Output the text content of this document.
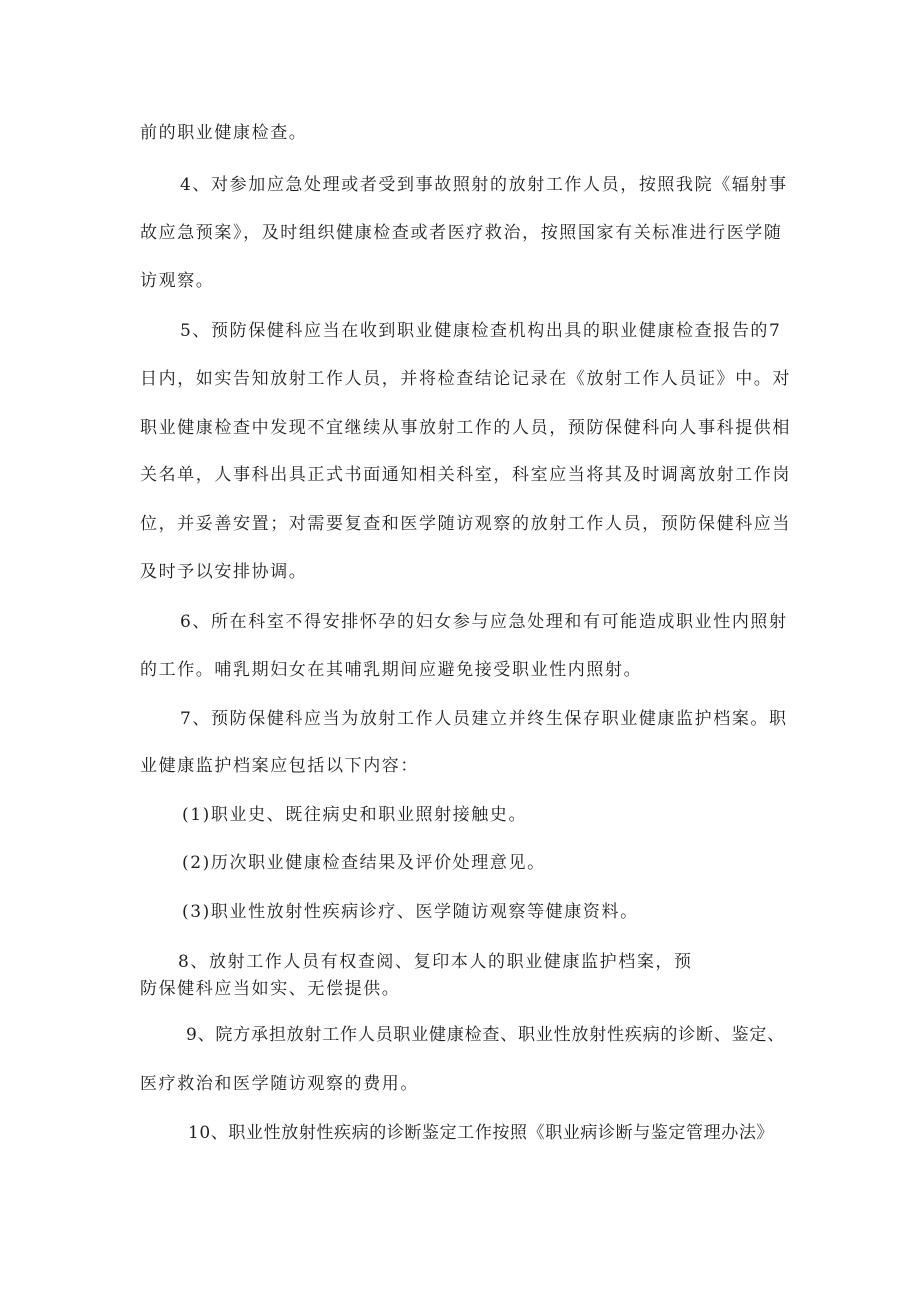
前的职业健康检查。
4、对参加应急处理或者受到事故照射的放射工作人员，按照我院《辐射事
故应急预案》，及时组织健康检查或者医疗救治，按照国家有关标准进行医学随
访观察。
5、预防保健科应当在收到职业健康检查机构出具的职业健康检查报告的7
日内，如实告知放射工作人员，并将检查结论记录在《放射工作人员证》中。对
职业健康检查中发现不宜继续从事放射工作的人员，预防保健科向人事科提供相
关名单，人事科出具正式书面通知相关科室，科室应当将其及时调离放射工作岗
位，并妥善安置；对需要复查和医学随访观察的放射工作人员，预防保健科应当
及时予以安排协调。
6、所在科室不得安排怀孕的妇女参与应急处理和有可能造成职业性内照射
的工作。哺乳期妇女在其哺乳期间应避免接受职业性内照射。
7、预防保健科应当为放射工作人员建立并终生保存职业健康监护档案。职
业健康监护档案应包括以下内容：
(1)职业史、既往病史和职业照射接触史。
(2)历次职业健康检查结果及评价处理意见。
(3)职业性放射性疾病诊疗、医学随访观察等健康资料。
8、放射工作人员有权查阅、复印本人的职业健康监护档案，预
防保健科应当如实、无偿提供。
9、院方承担放射工作人员职业健康检查、职业性放射性疾病的诊断、鉴定、
医疗救治和医学随访观察的费用。
10、职业性放射性疾病的诊断鉴定工作按照《职业病诊断与鉴定管理办法》
